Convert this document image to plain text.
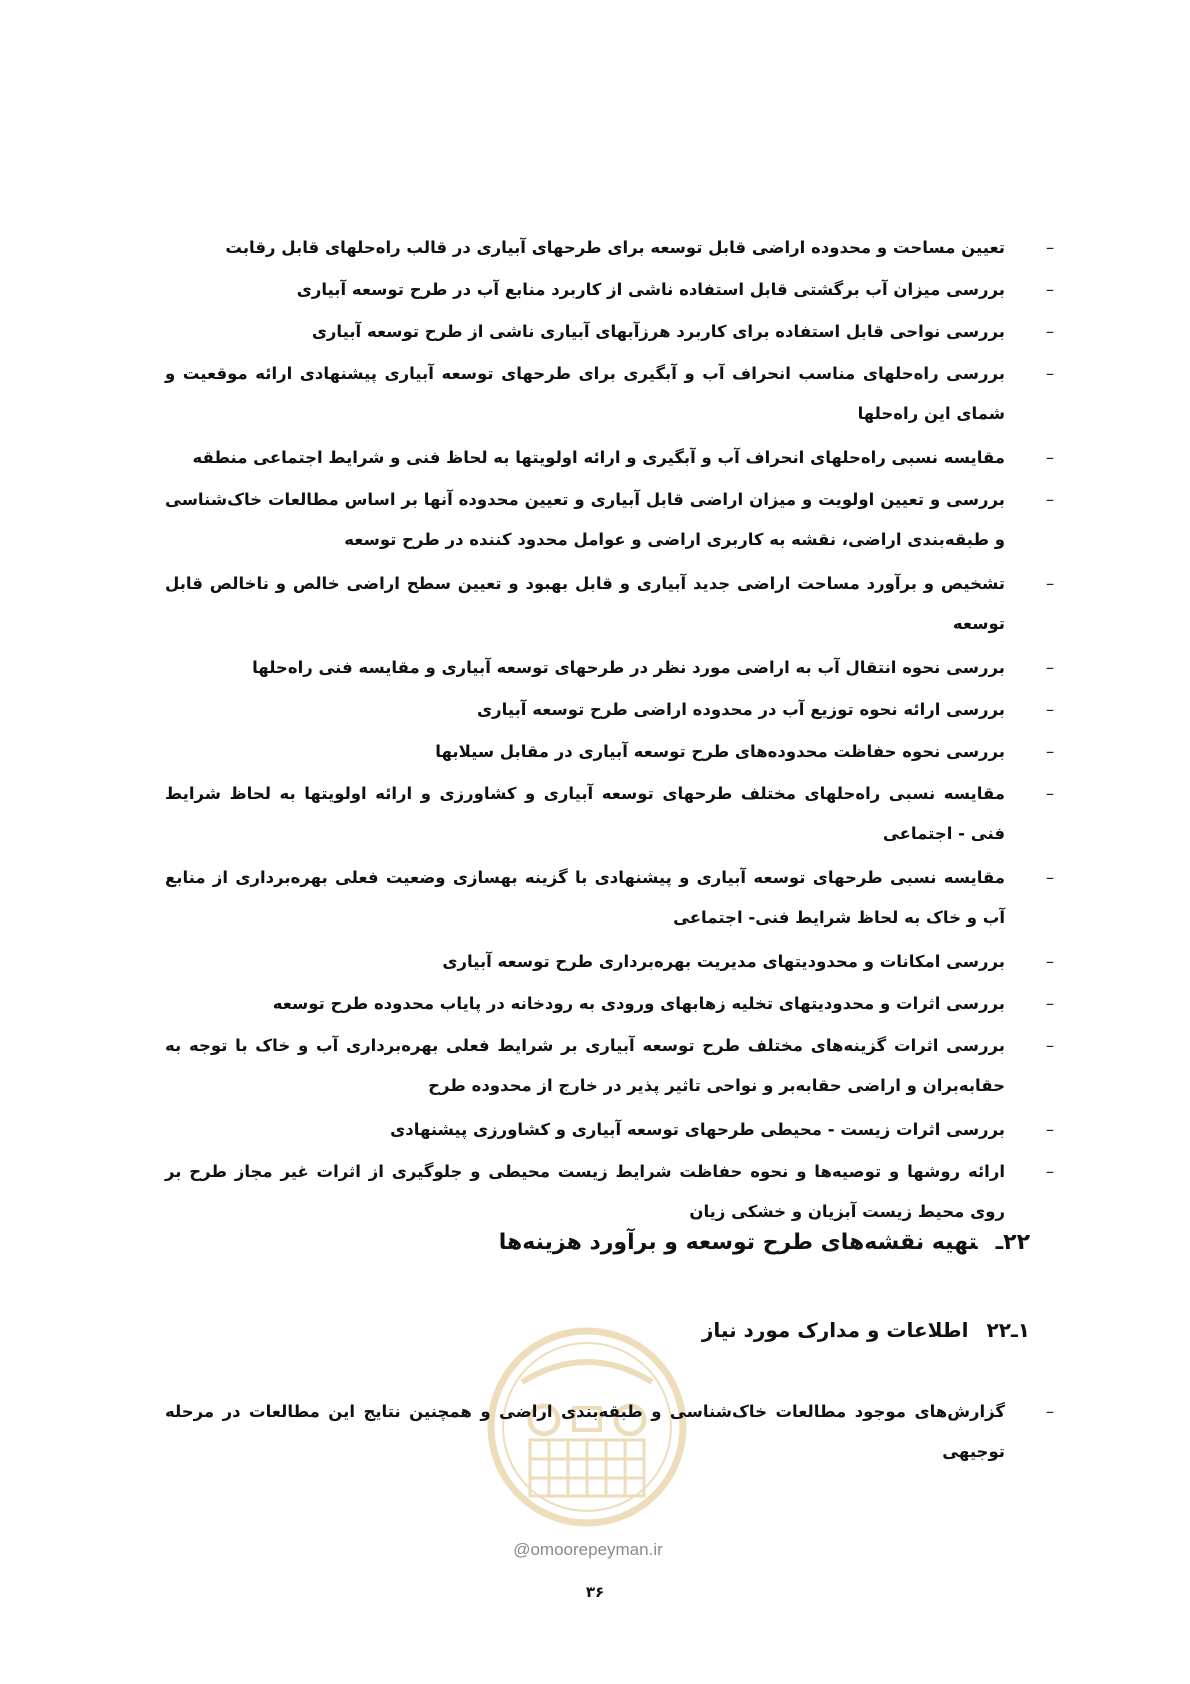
–
تعیین مساحت و محدوده اراضی قابل توسعه برای طرحهای آبیاری در قالب راه‌حلهای قابل رقابت
–
بررسی میزان آب برگشتی قابل استفاده ناشی از کاربرد منابع آب در طرح توسعه آبیاری
–
بررسی نواحی قابل استفاده برای کاربرد هرزآبهای آبیاری ناشی از طرح توسعه آبیاری
–
بررسی راه‌حلهای مناسب انحراف آب و آبگیری برای طرحهای توسعه آبیاری پیشنهادی ارائه موقعیت و شمای این راه‌حلها
–
مقایسه نسبی راه‌حلهای انحراف آب و آبگیری و ارائه اولویتها به لحاظ فنی و شرایط اجتماعی منطقه
–
بررسی و تعیین اولویت و میزان اراضی قابل آبیاری و تعیین محدوده آنها بر اساس مطالعات خاک‌شناسی و طبقه‌بندی اراضی، نقشه به کاربری اراضی و عوامل محدود کننده در طرح توسعه
–
تشخیص و برآورد مساحت اراضی جدید آبیاری و قابل بهبود و تعیین سطح اراضی خالص و ناخالص قابل توسعه
–
بررسی نحوه انتقال آب به اراضی مورد نظر در طرحهای توسعه آبیاری و مقایسه فنی راه‌حلها
–
بررسی ارائه نحوه توزیع آب در محدوده اراضی طرح توسعه آبیاری
–
بررسی نحوه حفاظت محدوده‌های طرح توسعه آبیاری در مقابل سیلابها
–
مقایسه نسبی راه‌حلهای مختلف طرحهای توسعه آبیاری و کشاورزی و ارائه اولویتها به لحاظ شرایط فنی - اجتماعی
–
مقایسه نسبی طرحهای توسعه آبیاری و پیشنهادی با گزینه بهسازی وضعیت فعلی بهره‌برداری از منابع آب و خاک به لحاظ شرایط فنی- اجتماعی
–
بررسی امکانات و محدودیتهای مدیریت بهره‌برداری طرح توسعه آبیاری
–
بررسی اثرات و محدودیتهای تخلیه زهابهای ورودی به رودخانه در پایاب محدوده طرح توسعه
–
بررسی اثرات گزینه‌های مختلف طرح توسعه آبیاری بر شرایط فعلی بهره‌برداری آب و خاک با توجه به حقابه‌بران و اراضی حقابه‌بر و نواحی تاثیر پذیر در خارج از محدوده طرح
–
بررسی اثرات زیست - محیطی طرحهای توسعه آبیاری و کشاورزی پیشنهادی
–
ارائه روشها و توصیه‌ها و نحوه حفاظت شرایط زیست محیطی و جلوگیری از اثرات غیر مجاز طرح بر روی محیط زیست آبزیان و خشکی زیان
۲۲ـتهیه نقشه‌های طرح توسعه و برآورد هزینه‌ها
۱ـ۲۲اطلاعات و مدارک مورد نیاز
@omoorepeyman.ir
–
گزارش‌های موجود مطالعات خاک‌شناسی و طبقه‌بندی اراضی و همچنین نتایج این مطالعات در مرحله توجیهی
۳۶
